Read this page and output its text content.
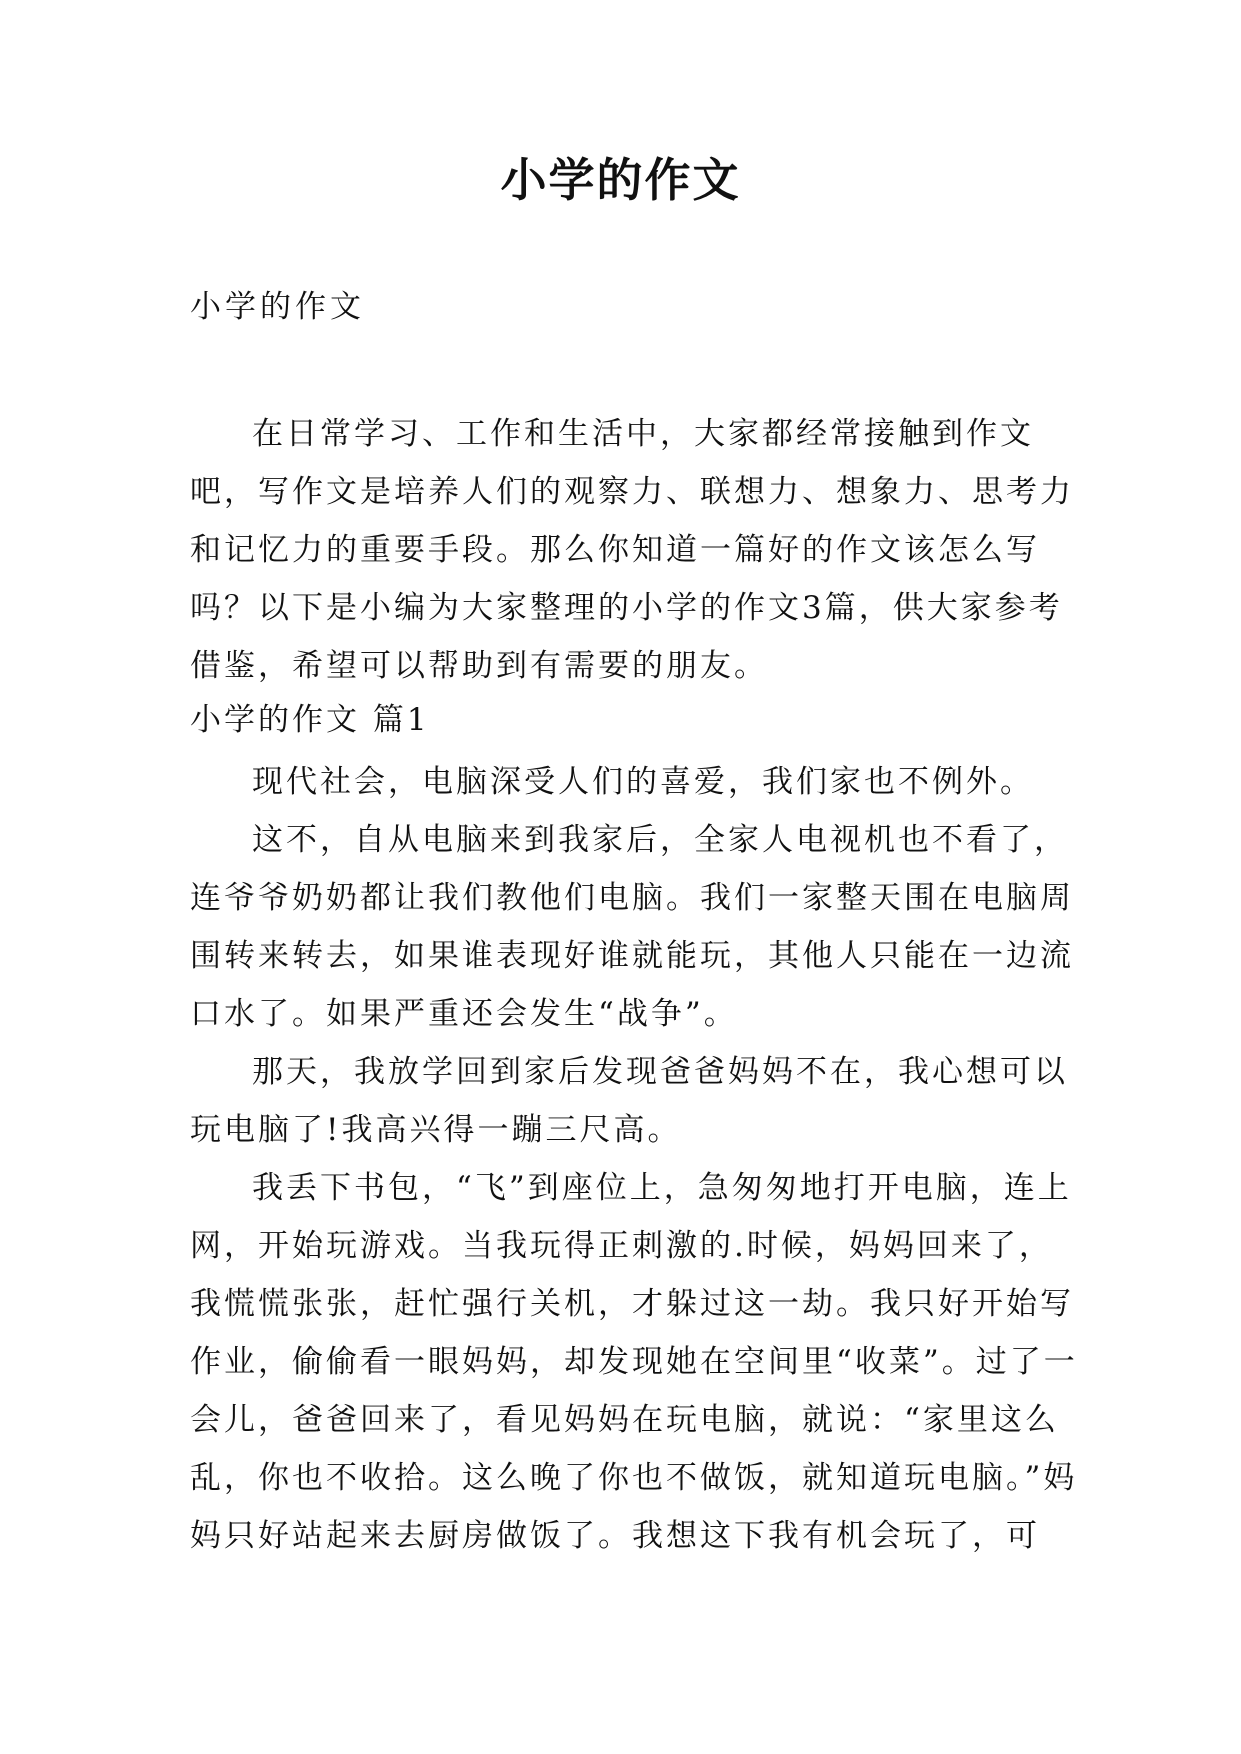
小学的作文
小学的作文

在日常学习、工作和生活中，大家都经常接触到作文吧，写作文是培养人们的观察力、联想力、想象力、思考力和记忆力的重要手段。那么你知道一篇好的作文该怎么写吗？以下是小编为大家整理的小学的作文3篇，供大家参考借鉴，希望可以帮助到有需要的朋友。

小学的作文 篇1

现代社会，电脑深受人们的喜爱，我们家也不例外。

这不，自从电脑来到我家后，全家人电视机也不看了，连爷爷奶奶都让我们教他们电脑。我们一家整天围在电脑周围转来转去，如果谁表现好谁就能玩，其他人只能在一边流口水了。如果严重还会发生“战争”。

那天，我放学回到家后发现爸爸妈妈不在，我心想可以玩电脑了!我高兴得一蹦三尺高。

我丢下书包，“飞”到座位上，急匆匆地打开电脑，连上网，开始玩游戏。当我玩得正刺激的.时候，妈妈回来了，我慌慌张张，赶忙强行关机，才躲过这一劫。我只好开始写作业，偷偷看一眼妈妈，却发现她在空间里“收菜”。过了一会儿，爸爸回来了，看见妈妈在玩电脑，就说：“家里这么乱，你也不收拾。这么晚了你也不做饭，就知道玩电脑。”妈妈只好站起来去厨房做饭了。我想这下我有机会玩了，可
